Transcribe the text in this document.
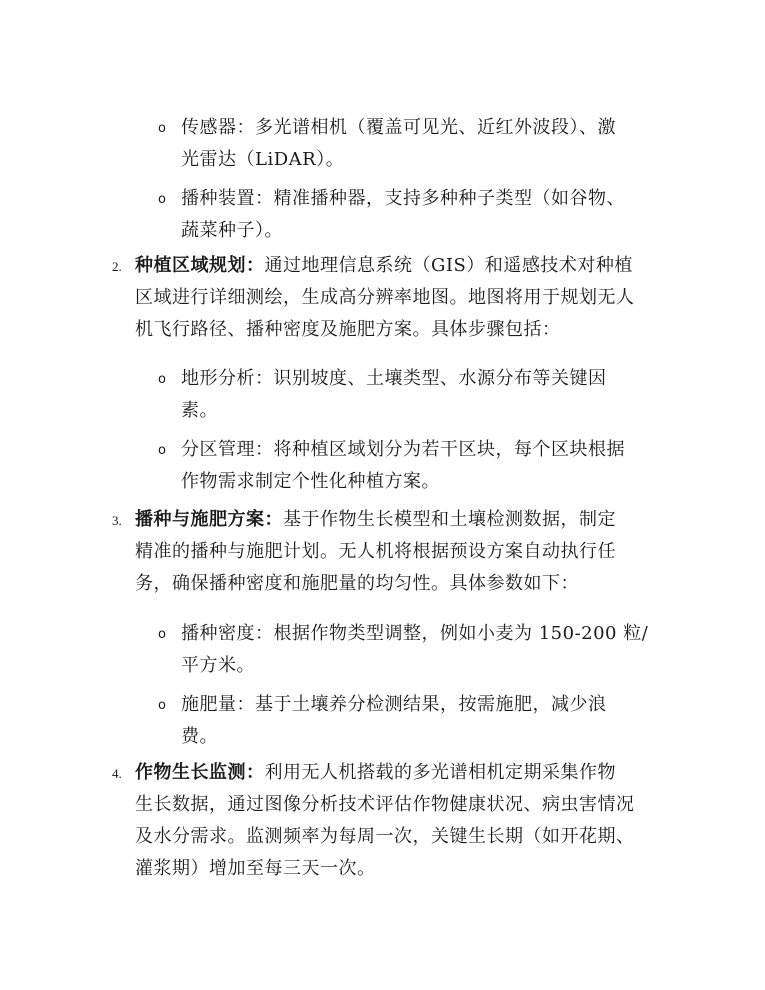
o 传感器：多光谱相机（覆盖可见光、近红外波段）、激
光雷达（LiDAR）。
o 播种装置：精准播种器，支持多种种子类型（如谷物、
蔬菜种子）。
2. 种植区域规划：通过地理信息系统（GIS）和遥感技术对种植
区域进行详细测绘，生成高分辨率地图。地图将用于规划无人
机飞行路径、播种密度及施肥方案。具体步骤包括：
o 地形分析：识别坡度、土壤类型、水源分布等关键因
素。
o 分区管理：将种植区域划分为若干区块，每个区块根据
作物需求制定个性化种植方案。
3. 播种与施肥方案：基于作物生长模型和土壤检测数据，制定
精准的播种与施肥计划。无人机将根据预设方案自动执行任
务，确保播种密度和施肥量的均匀性。具体参数如下：
o 播种密度：根据作物类型调整，例如小麦为 150-200 粒/
平方米。
o 施肥量：基于土壤养分检测结果，按需施肥，减少浪
费。
4. 作物生长监测：利用无人机搭载的多光谱相机定期采集作物
生长数据，通过图像分析技术评估作物健康状况、病虫害情况
及水分需求。监测频率为每周一次，关键生长期（如开花期、
灌浆期）增加至每三天一次。
